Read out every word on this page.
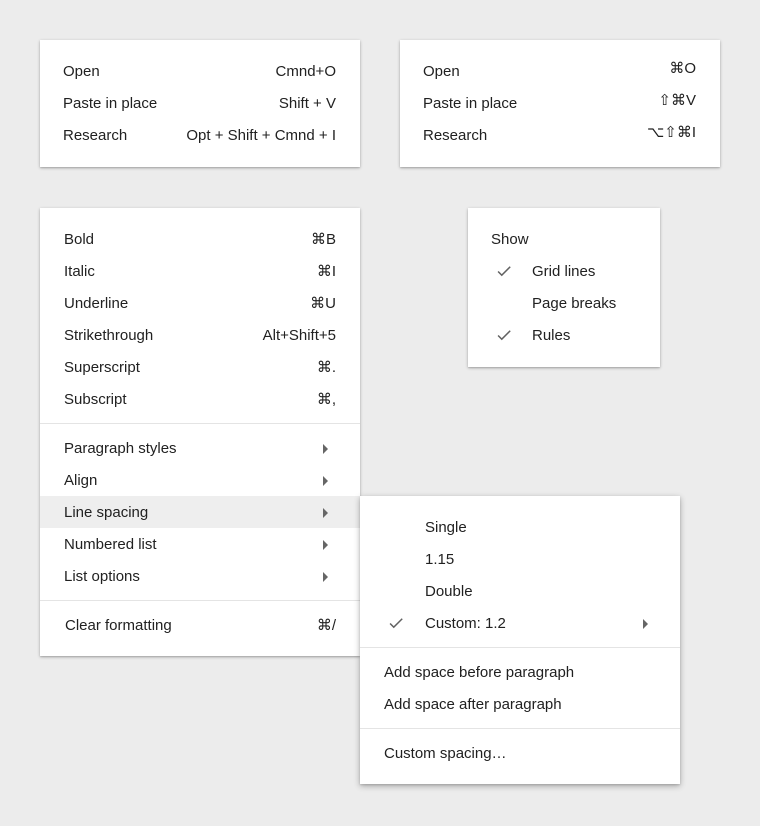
Open	Cmnd+O
Paste in place	Shift + V
Research	Opt + Shift + Cmnd + I
Open	⌘O
Paste in place	⇧⌘V
Research	⌥⇧⌘I
Bold	⌘B
Italic	⌘I
Underline	⌘U
Strikethrough	Alt+Shift+5
Superscript	⌘.
Subscript	⌘,
Paragraph styles
Align
Line spacing
Numbered list
List options
Clear formatting	⌘/
Show
Grid lines
Page breaks
Rules
Single
1.15
Double
Custom: 1.2
Add space before paragraph
Add space after paragraph
Custom spacing…
